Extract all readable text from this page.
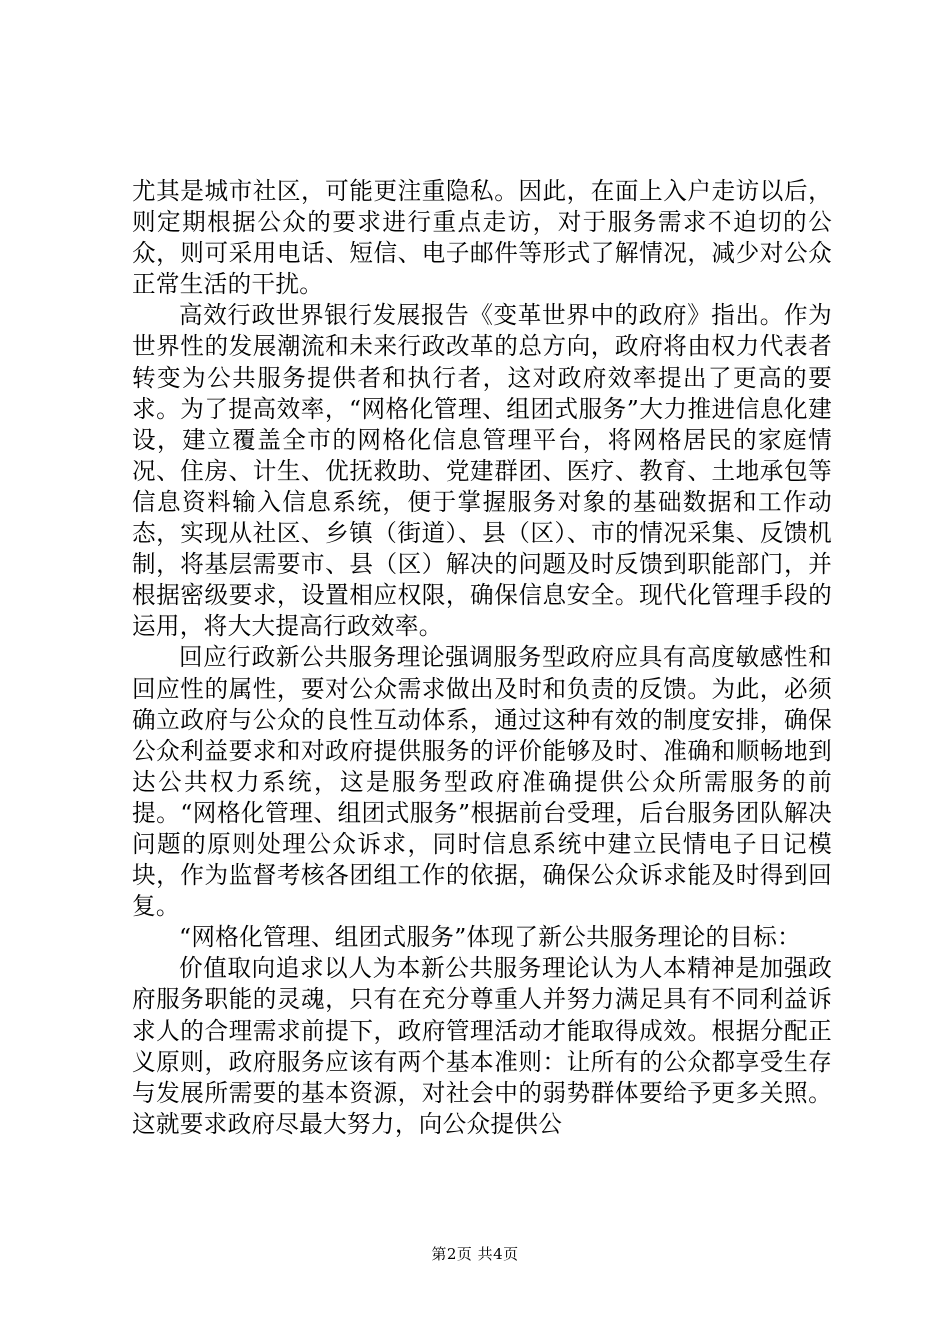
尤其是城市社区，可能更注重隐私。因此，在面上入户走访以后，则定期根据公众的要求进行重点走访，对于服务需求不迫切的公众，则可采用电话、短信、电子邮件等形式了解情况，减少对公众正常生活的干扰。

高效行政世界银行发展报告《变革世界中的政府》指出。作为世界性的发展潮流和未来行政改革的总方向，政府将由权力代表者转变为公共服务提供者和执行者，这对政府效率提出了更高的要求。为了提高效率，“网格化管理、组团式服务”大力推进信息化建设，建立覆盖全市的网格化信息管理平台，将网格居民的家庭情况、住房、计生、优抚救助、党建群团、医疗、教育、土地承包等信息资料输入信息系统，便于掌握服务对象的基础数据和工作动态，实现从社区、乡镇（街道）、县（区）、市的情况采集、反馈机制，将基层需要市、县（区）解决的问题及时反馈到职能部门，并根据密级要求，设置相应权限，确保信息安全。现代化管理手段的运用，将大大提高行政效率。

回应行政新公共服务理论强调服务型政府应具有高度敏感性和回应性的属性，要对公众需求做出及时和负责的反馈。为此，必须确立政府与公众的良性互动体系，通过这种有效的制度安排，确保公众利益要求和对政府提供服务的评价能够及时、准确和顺畅地到达公共权力系统，这是服务型政府准确提供公众所需服务的前提。“网格化管理、组团式服务”根据前台受理，后台服务团队解决问题的原则处理公众诉求，同时信息系统中建立民情电子日记模块，作为监督考核各团组工作的依据，确保公众诉求能及时得到回复。

“网格化管理、组团式服务”体现了新公共服务理论的目标：

价值取向追求以人为本新公共服务理论认为人本精神是加强政府服务职能的灵魂，只有在充分尊重人并努力满足具有不同利益诉求人的合理需求前提下，政府管理活动才能取得成效。根据分配正义原则，政府服务应该有两个基本准则：让所有的公众都享受生存与发展所需要的基本资源，对社会中的弱势群体要给予更多关照。这就要求政府尽最大努力，向公众提供公

第2页 共4页
